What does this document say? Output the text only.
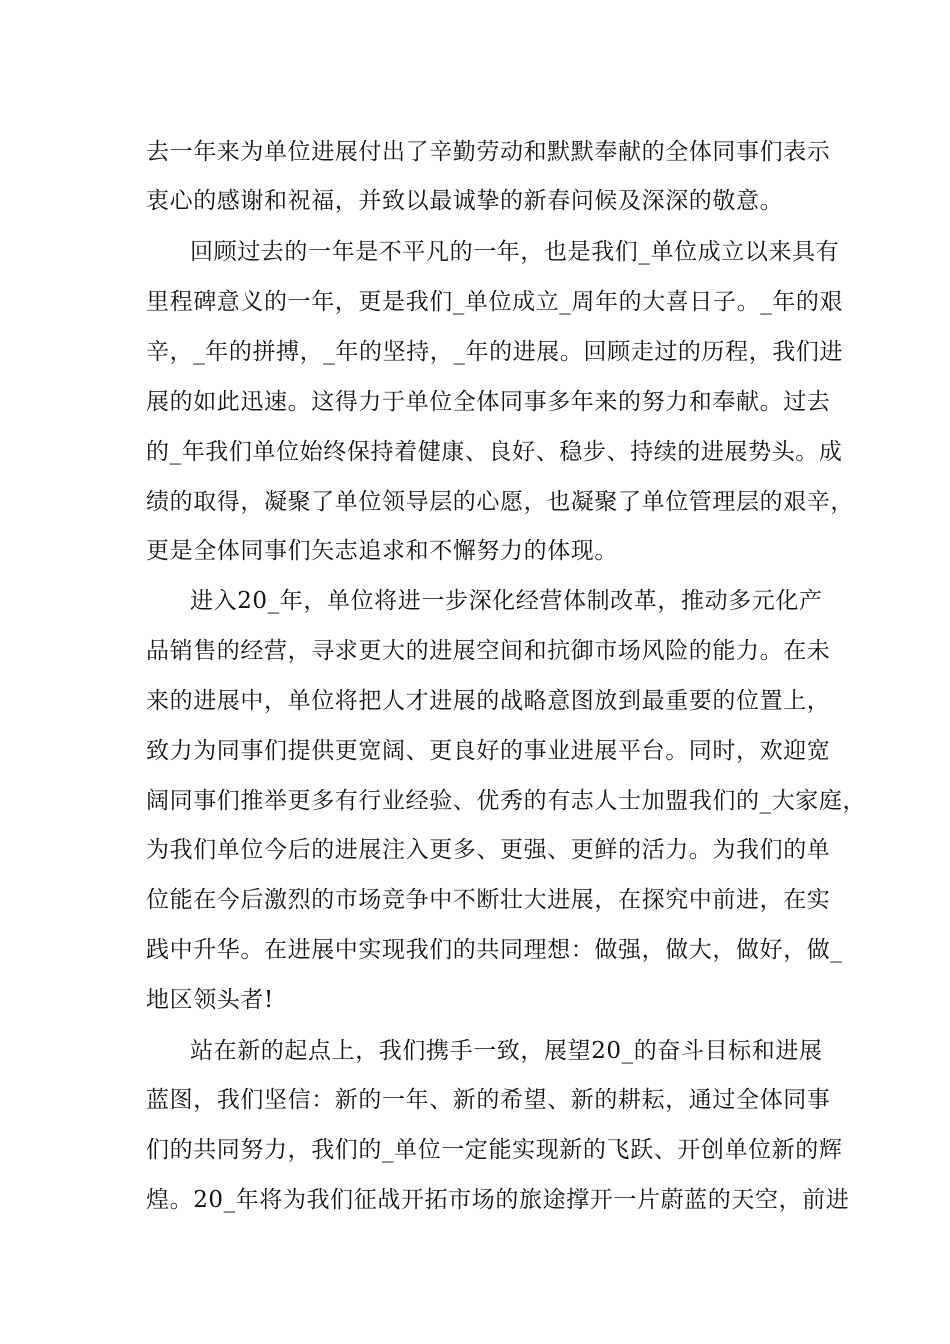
去一年来为单位进展付出了辛勤劳动和默默奉献的全体同事们表示
衷心的感谢和祝福，并致以最诚挚的新春问候及深深的敬意。
回顾过去的一年是不平凡的一年，也是我们_单位成立以来具有
里程碑意义的一年，更是我们_单位成立_周年的大喜日子。_年的艰
辛，_年的拼搏，_年的坚持，_年的进展。回顾走过的历程，我们进
展的如此迅速。这得力于单位全体同事多年来的努力和奉献。过去
的_年我们单位始终保持着健康、良好、稳步、持续的进展势头。成
绩的取得，凝聚了单位领导层的心愿，也凝聚了单位管理层的艰辛，
更是全体同事们矢志追求和不懈努力的体现。
进入20_年，单位将进一步深化经营体制改革，推动多元化产
品销售的经营，寻求更大的进展空间和抗御市场风险的能力。在未
来的进展中，单位将把人才进展的战略意图放到最重要的位置上，
致力为同事们提供更宽阔、更良好的事业进展平台。同时，欢迎宽
阔同事们推举更多有行业经验、优秀的有志人士加盟我们的_大家庭，
为我们单位今后的进展注入更多、更强、更鲜的活力。为我们的单
位能在今后激烈的市场竞争中不断壮大进展，在探究中前进，在实
践中升华。在进展中实现我们的共同理想：做强，做大，做好，做_
地区领头者!
站在新的起点上，我们携手一致，展望20_的奋斗目标和进展
蓝图，我们坚信：新的一年、新的希望、新的耕耘，通过全体同事
们的共同努力，我们的_单位一定能实现新的飞跃、开创单位新的辉
煌。20_年将为我们征战开拓市场的旅途撑开一片蔚蓝的天空，前进
